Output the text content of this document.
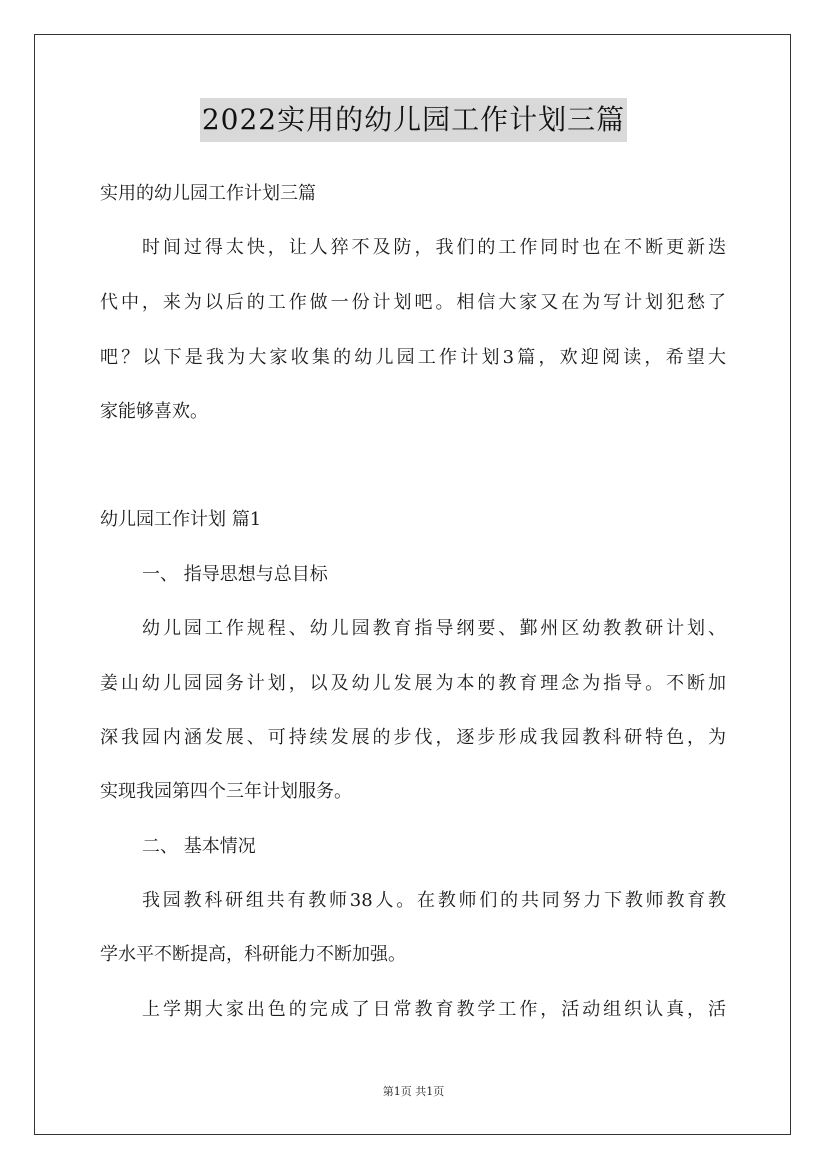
2022实用的幼儿园工作计划三篇
实用的幼儿园工作计划三篇
时间过得太快，让人猝不及防，我们的工作同时也在不断更新迭
代中，来为以后的工作做一份计划吧。相信大家又在为写计划犯愁了
吧？以下是我为大家收集的幼儿园工作计划3篇，欢迎阅读，希望大
家能够喜欢。
幼儿园工作计划 篇1
一、 指导思想与总目标
幼儿园工作规程、幼儿园教育指导纲要、鄞州区幼教教研计划、
姜山幼儿园园务计划，以及幼儿发展为本的教育理念为指导。不断加
深我园内涵发展、可持续发展的步伐，逐步形成我园教科研特色，为
实现我园第四个三年计划服务。
二、 基本情况
我园教科研组共有教师38人。在教师们的共同努力下教师教育教
学水平不断提高，科研能力不断加强。
上学期大家出色的完成了日常教育教学工作，活动组织认真，活
第1页 共1页
